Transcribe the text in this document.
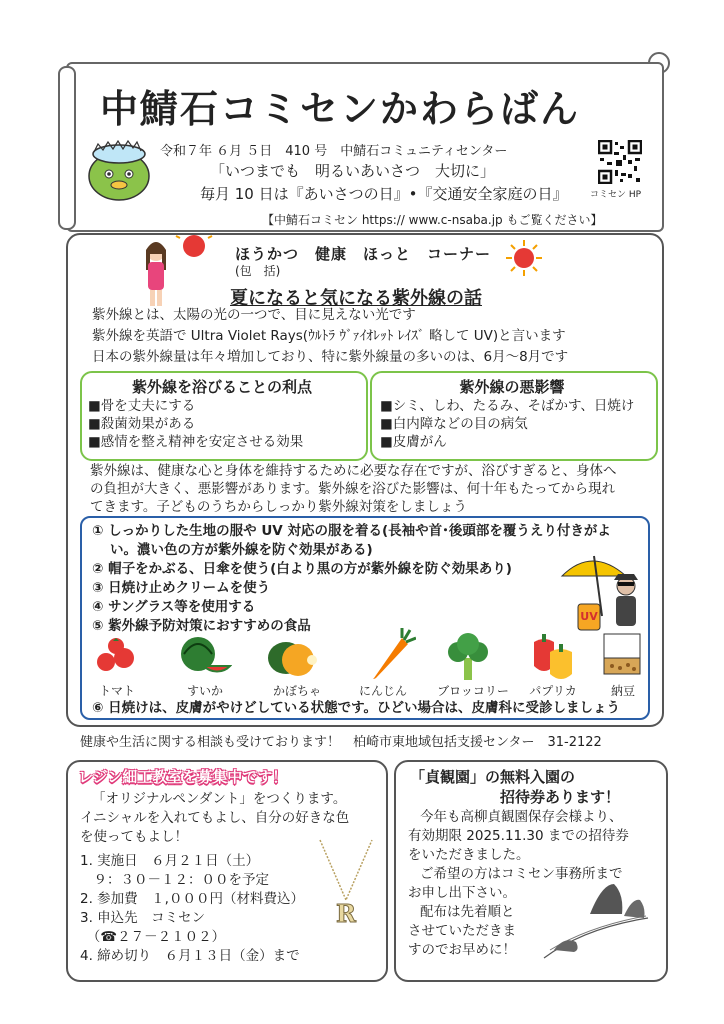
中鯖石コミセンかわらばん
令和７年 ６月 ５日　410 号　中鯖石コミュニティセンター
「いつまでも　明るいあいさつ　大切に」
毎月 10 日は『あいさつの日』•『交通安全家庭の日』	コミセン HP
【中鯖石コミセン https:// www.c-nsaba.jp もご覧ください】
ほうかつ　健康　ほっと　コーナー
(包　括)
夏になると気になる紫外線の話
紫外線とは、太陽の光の一つで、目に見えない光です
紫外線を英語で Ultra Violet Rays(ｳﾙﾄﾗ ｳﾞｧｲｵﾚｯﾄ ﾚｲｽﾞ 略して UV)と言います
日本の紫外線量は年々増加しており、特に紫外線量の多いのは、6月～8月です
紫外線を浴びることの利点
■骨を丈夫にする
■殺菌効果がある
■感情を整え精神を安定させる効果
紫外線の悪影響
■シミ、しわ、たるみ、そばかす、日焼け
■白内障などの目の病気
■皮膚がん
紫外線は、健康な心と身体を維持するために必要な存在ですが、浴びすぎると、身体へ
の負担が大きく、悪影響があります。紫外線を浴びた影響は、何十年もたってから現れ
てきます。子どものうちからしっかり紫外線対策をしましょう
① しっかりした生地の服や UV 対応の服を着る(長袖や首･後頭部を覆うえり付きがよ
い。濃い色の方が紫外線を防ぐ効果がある)
② 帽子をかぶる、日傘を使う(白より黒の方が紫外線を防ぐ効果あり)
③ 日焼け止めクリームを使う
④ サングラス等を使用する
⑤ 紫外線予防対策におすすめの食品
UV
トマト	すいか	かぼちゃ	にんじん	ブロッコリー	パプリカ	納豆
⑥ 日焼けは、皮膚がやけどしている状態です。ひどい場合は、皮膚科に受診しましょう
健康や生活に関する相談も受けております！　柏崎市東地域包括支援センター　31-2122
レジン細工教室を募集中です！
「オリジナルペンダント」をつくります。
イニシャルを入れてもよし、自分の好きな色
を使ってもよし！
1. 実施日　６月２１日（土）
　９：３０－１２：００を予定
2. 参加費　１,０００円（材料費込）
3. 申込先　コミセン
　（☎２７－２１０２）
4. 締め切り　６月１３日（金）まで
R
「貞観園」の無料入園の
招待券あります！
今年も高柳貞観園保存会様より、
有効期限 2025.11.30 までの招待券
をいただきました。
ご希望の方はコミセン事務所まで
お申し出下さい。
配布は先着順と
させていただきま
すのでお早めに！
